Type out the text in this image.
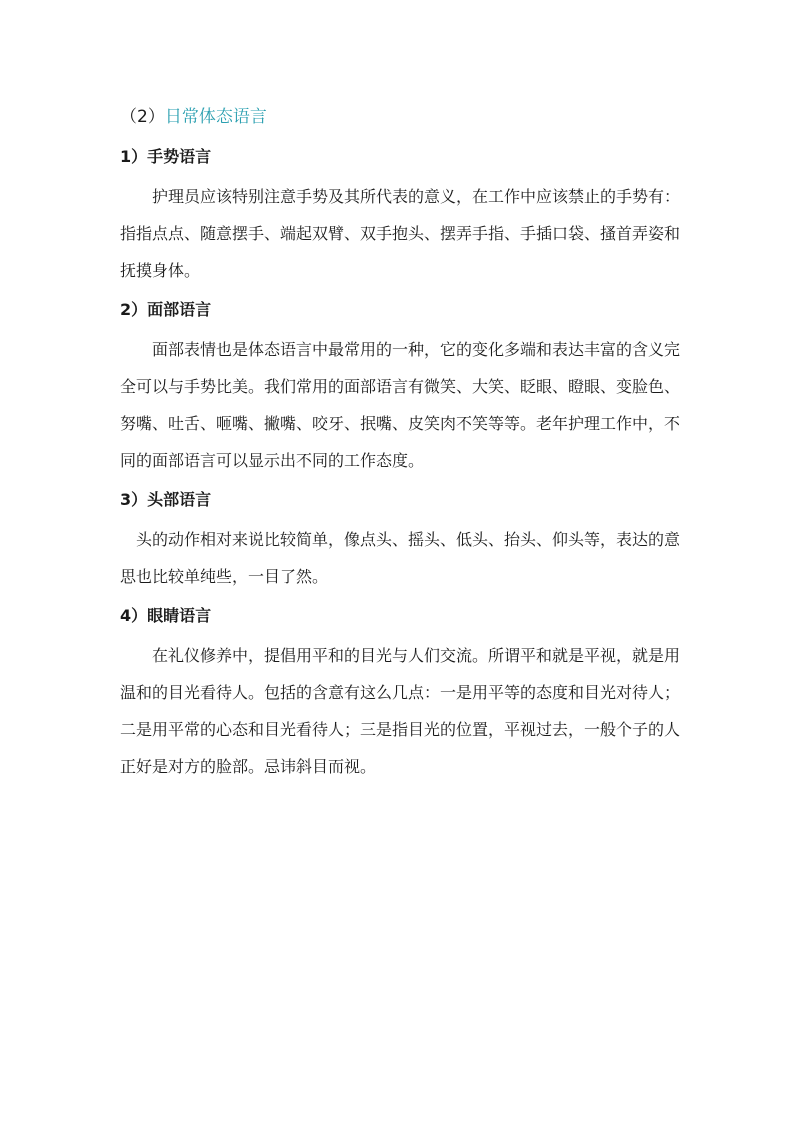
（2）日常体态语言
1）手势语言

护理员应该特别注意手势及其所代表的意义，在工作中应该禁止的手势有：指指点点、随意摆手、端起双臂、双手抱头、摆弄手指、手插口袋、搔首弄姿和抚摸身体。

2）面部语言

面部表情也是体态语言中最常用的一种，它的变化多端和表达丰富的含义完全可以与手势比美。我们常用的面部语言有微笑、大笑、眨眼、瞪眼、变脸色、努嘴、吐舌、咂嘴、撇嘴、咬牙、抿嘴、皮笑肉不笑等等。老年护理工作中，不同的面部语言可以显示出不同的工作态度。

3）头部语言

头的动作相对来说比较简单，像点头、摇头、低头、抬头、仰头等，表达的意思也比较单纯些，一目了然。

4）眼睛语言

在礼仪修养中，提倡用平和的目光与人们交流。所谓平和就是平视，就是用温和的目光看待人。包括的含意有这么几点：一是用平等的态度和目光对待人；二是用平常的心态和目光看待人；三是指目光的位置，平视过去，一般个子的人正好是对方的脸部。忌讳斜目而视。
